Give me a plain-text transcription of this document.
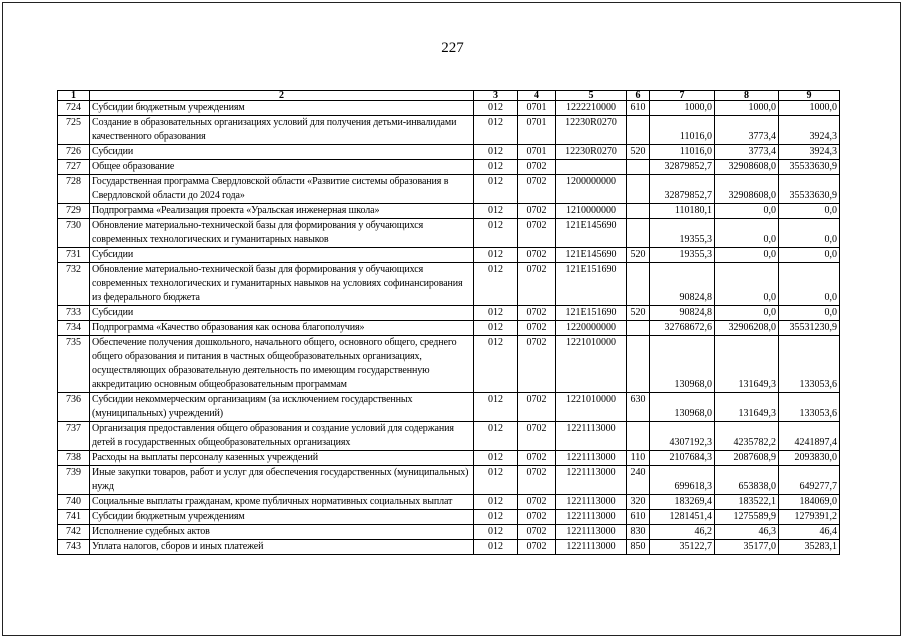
227
1	2	3	4	5	6	7	8	9
724	Субсидии бюджетным учреждениям	012	0701	1222210000	610	1000,0	1000,0	1000,0
725	Создание в образовательных организациях условий для получения детьми-инвалидами качественного образования	012	0701	12230R0270		11016,0	3773,4	3924,3
726	Субсидии	012	0701	12230R0270	520	11016,0	3773,4	3924,3
727	Общее образование	012	0702			32879852,7	32908608,0	35533630,9
728	Государственная программа Свердловской области «Развитие системы образования в Свердловской области до 2024 года»	012	0702	1200000000		32879852,7	32908608,0	35533630,9
729	Подпрограмма «Реализация проекта «Уральская инженерная школа»	012	0702	1210000000		110180,1	0,0	0,0
730	Обновление материально-технической базы для формирования у обучающихся современных технологических и гуманитарных навыков	012	0702	121E145690		19355,3	0,0	0,0
731	Субсидии	012	0702	121E145690	520	19355,3	0,0	0,0
732	Обновление материально-технической базы для формирования у обучающихся современных технологических и гуманитарных навыков на условиях софинансирования из федерального бюджета	012	0702	121E151690		90824,8	0,0	0,0
733	Субсидии	012	0702	121E151690	520	90824,8	0,0	0,0
734	Подпрограмма «Качество образования как основа благополучия»	012	0702	1220000000		32768672,6	32906208,0	35531230,9
735	Обеспечение получения дошкольного, начального общего, основного общего, среднего общего образования и питания в частных общеобразовательных организациях, осуществляющих образовательную деятельность по имеющим государственную аккредитацию основным общеобразовательным программам	012	0702	1221010000		130968,0	131649,3	133053,6
736	Субсидии некоммерческим организациям (за исключением государственных (муниципальных) учреждений)	012	0702	1221010000	630	130968,0	131649,3	133053,6
737	Организация предоставления общего образования и создание условий для содержания детей в государственных общеобразовательных организациях	012	0702	1221113000		4307192,3	4235782,2	4241897,4
738	Расходы на выплаты персоналу казенных учреждений	012	0702	1221113000	110	2107684,3	2087608,9	2093830,0
739	Иные закупки товаров, работ и услуг для обеспечения государственных (муниципальных) нужд	012	0702	1221113000	240	699618,3	653838,0	649277,7
740	Социальные выплаты гражданам, кроме публичных нормативных социальных выплат	012	0702	1221113000	320	183269,4	183522,1	184069,0
741	Субсидии бюджетным учреждениям	012	0702	1221113000	610	1281451,4	1275589,9	1279391,2
742	Исполнение судебных актов	012	0702	1221113000	830	46,2	46,3	46,4
743	Уплата налогов, сборов и иных платежей	012	0702	1221113000	850	35122,7	35177,0	35283,1
